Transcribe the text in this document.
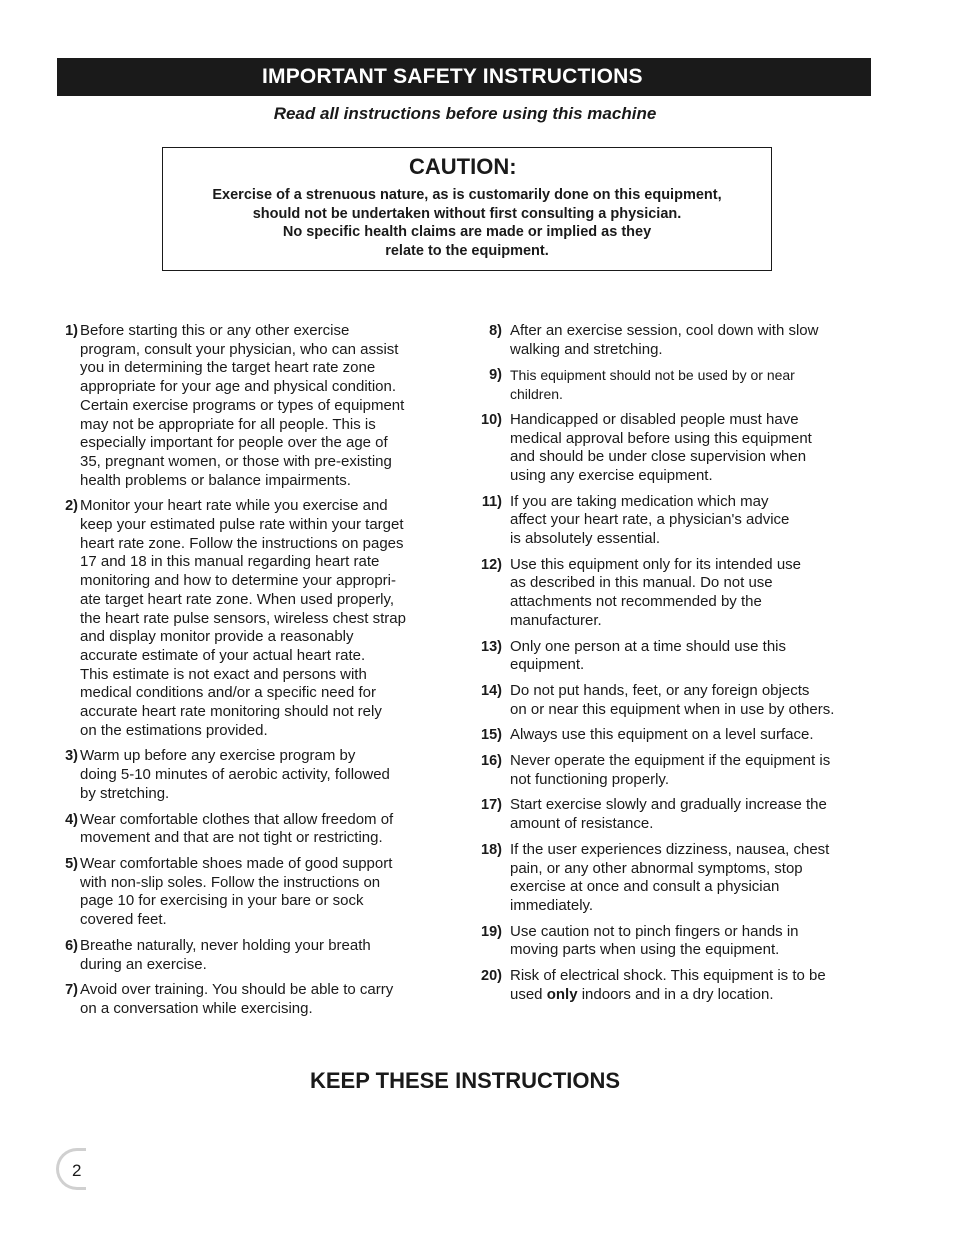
IMPORTANT SAFETY INSTRUCTIONS
Read all instructions before using this machine
CAUTION:
Exercise of a strenuous nature, as is customarily done on this equipment,
should not be undertaken without first consulting a physician.
No specific health claims are made or implied as they
relate to the equipment.
1) Before starting this or any other exercise
program, consult your physician, who can assist
you in determining the target heart rate zone
appropriate for your age and physical condition.
Certain exercise programs or types of equipment
may not be appropriate for all people. This is
especially important for people over the age of
35, pregnant women, or those with pre-existing
health problems or balance impairments.
2) Monitor your heart rate while you exercise and
keep your estimated pulse rate within your target
heart rate zone. Follow the instructions on pages
17 and 18 in this manual regarding heart rate
monitoring and how to determine your appropri-
ate target heart rate zone. When used properly,
the heart rate pulse sensors, wireless chest strap
and display monitor provide a reasonably
accurate estimate of your actual heart rate.
This estimate is not exact and persons with
medical conditions and/or a specific need for
accurate heart rate monitoring should not rely
on the estimations provided.
3) Warm up before any exercise program by
doing 5-10 minutes of aerobic activity, followed
by stretching.
4) Wear comfortable clothes that allow freedom of
movement and that are not tight or restricting.
5) Wear comfortable shoes made of good support
with non-slip soles. Follow the instructions on
page 10 for exercising in your bare or sock
covered feet.
6) Breathe naturally, never holding your breath
during an exercise.
7) Avoid over training. You should be able to carry
on a conversation while exercising.
8) After an exercise session, cool down with slow
walking and stretching.
9) This equipment should not be used by or near
children.
10) Handicapped or disabled people must have
medical approval before using this equipment
and should be under close supervision when
using any exercise equipment.
11) If you are taking medication which may
affect your heart rate, a physician's advice
is absolutely essential.
12) Use this equipment only for its intended use
as described in this manual. Do not use
attachments not recommended by the
manufacturer.
13) Only one person at a time should use this
equipment.
14) Do not put hands, feet, or any foreign objects
on or near this equipment when in use by others.
15) Always use this equipment on a level surface.
16) Never operate the equipment if the equipment is
not functioning properly.
17) Start exercise slowly and gradually increase the
amount of resistance.
18) If the user experiences dizziness, nausea, chest
pain, or any other abnormal symptoms, stop
exercise at once and consult a physician
immediately.
19) Use caution not to pinch fingers or hands in
moving parts when using the equipment.
20) Risk of electrical shock. This equipment is to be
used only indoors and in a dry location.
KEEP THESE INSTRUCTIONS
2
